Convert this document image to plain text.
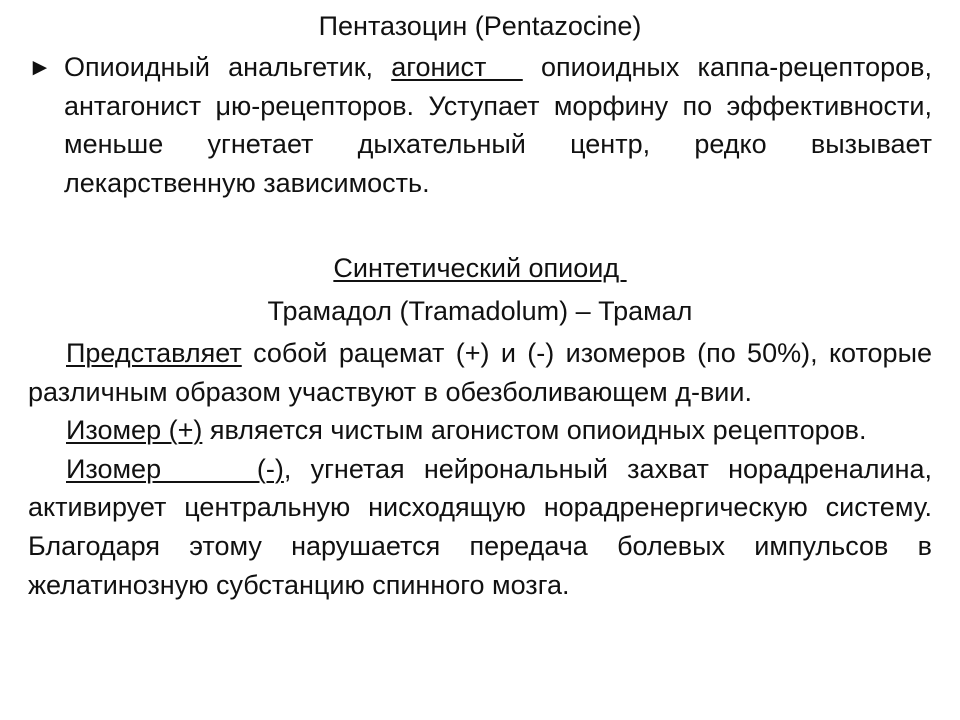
Пентазоцин (Pentazocine)
► Опиоидный анальгетик, агонист   опиоидных каппа-рецепторов, антагонист μю-рецепторов. Уступает морфину по эффективности, меньше угнетает дыхательный центр, редко вызывает лекарственную зависимость.
Синтетический опиоид
Трамадол (Tramadolum) – Трамал

Представляет собой рацемат (+) и (-) изомеров (по 50%), которые различным образом участвуют в обезболивающем д-вии.

Изомер (+) является чистым агонистом опиоидных рецепторов.

Изомер     (-), угнетая нейрональный захват норадреналина, активирует центральную нисходящую норадренергическую систему. Благодаря этому нарушается передача болевых импульсов в желатинозную субстанцию спинного мозга.
